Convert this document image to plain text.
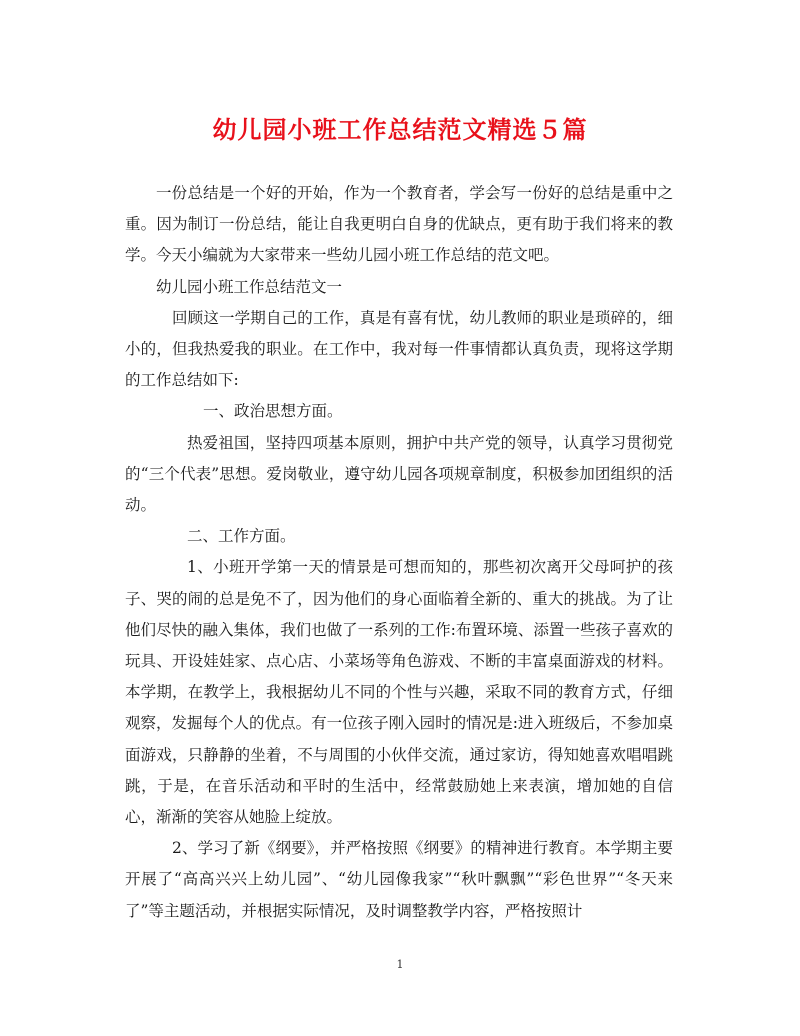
幼儿园小班工作总结范文精选５篇

一份总结是一个好的开始，作为一个教育者，学会写一份好的总结是重中之重。因为制订一份总结，能让自我更明白自身的优缺点，更有助于我们将来的教学。今天小编就为大家带来一些幼儿园小班工作总结的范文吧。

幼儿园小班工作总结范文一

回顾这一学期自己的工作，真是有喜有忧，幼儿教师的职业是琐碎的，细小的，但我热爱我的职业。在工作中，我对每一件事情都认真负责，现将这学期的工作总结如下:

一、政治思想方面。

热爱祖国，坚持四项基本原则，拥护中共产党的领导，认真学习贯彻党的“三个代表”思想。爱岗敬业，遵守幼儿园各项规章制度，积极参加团组织的活动。

二、工作方面。

1、小班开学第一天的情景是可想而知的，那些初次离开父母呵护的孩子、哭的闹的总是免不了，因为他们的身心面临着全新的、重大的挑战。为了让他们尽快的融入集体，我们也做了一系列的工作:布置环境、添置一些孩子喜欢的玩具、开设娃娃家、点心店、小菜场等角色游戏、不断的丰富桌面游戏的材料。本学期，在教学上，我根据幼儿不同的个性与兴趣，采取不同的教育方式，仔细观察，发掘每个人的优点。有一位孩子刚入园时的情况是:进入班级后，不参加桌面游戏，只静静的坐着，不与周围的小伙伴交流，通过家访，得知她喜欢唱唱跳跳，于是，在音乐活动和平时的生活中，经常鼓励她上来表演，增加她的自信心，渐渐的笑容从她脸上绽放。

2、学习了新《纲要》，并严格按照《纲要》的精神进行教育。本学期主要开展了“高高兴兴上幼儿园”、“幼儿园像我家”“秋叶飘飘”“彩色世界”“冬天来了”等主题活动，并根据实际情况，及时调整教学内容，严格按照计

1
